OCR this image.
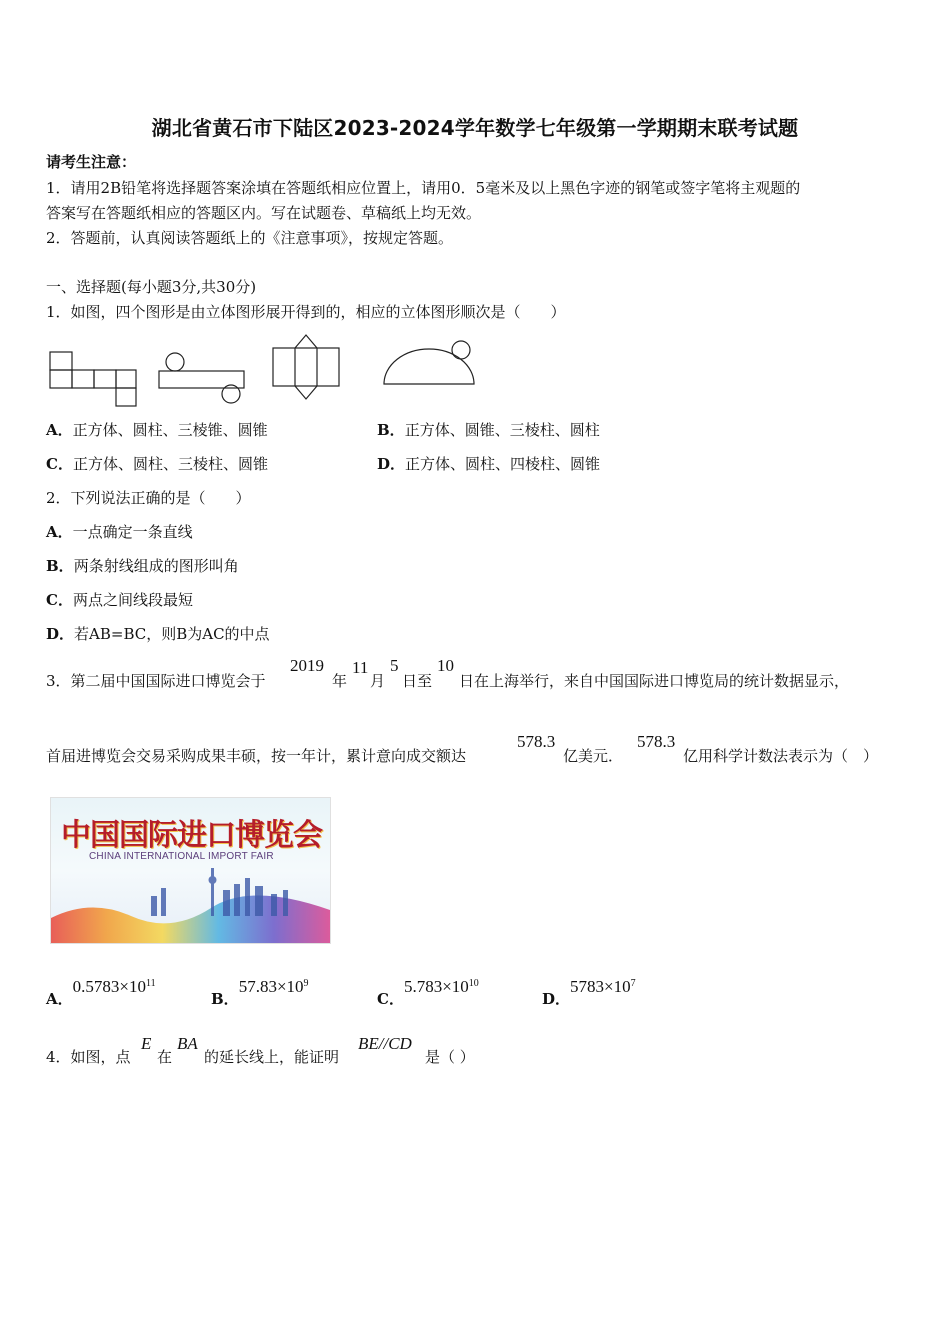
湖北省黄石市下陆区2023-2024学年数学七年级第一学期期末联考试题
请考生注意：
1．请用2B铅笔将选择题答案涂填在答题纸相应位置上，请用0．5毫米及以上黑色字迹的钢笔或签字笔将主观题的
答案写在答题纸相应的答题区内。写在试题卷、草稿纸上均无效。
2．答题前，认真阅读答题纸上的《注意事项》，按规定答题。
一、选择题(每小题3分,共30分)
1．如图，四个图形是由立体图形展开得到的，相应的立体图形顺次是（　　）
A．正方体、圆柱、三棱锥、圆锥	B．正方体、圆锥、三棱柱、圆柱
C．正方体、圆柱、三棱柱、圆锥	D．正方体、圆柱、四棱柱、圆锥
2．下列说法正确的是（　　）
A．一点确定一条直线
B．两条射线组成的图形叫角
C．两点之间线段最短
D．若AB=BC，则B为AC的中点
3．第二届中国国际进口博览会于
2019
年
11
月
5
日至
10
日在上海举行，来自中国国际进口博览局的统计数据显示，
首届进博览会交易采购成果丰硕，按一年计，累计意向成交额达
578.3
亿美元．
578.3
亿用科学计数法表示为（　）
中国国际进口博览会
CHINA INTERNATIONAL IMPORT FAIR
A．$0.5783\times 10^{11}$
B．$57.83\times 10^9$
C．$5.783\times 10^{10}$
D．$5783\times 10^7$
4．如图，点
E
在
BA
的延长线上，能证明
BE//CD
是（ ）
